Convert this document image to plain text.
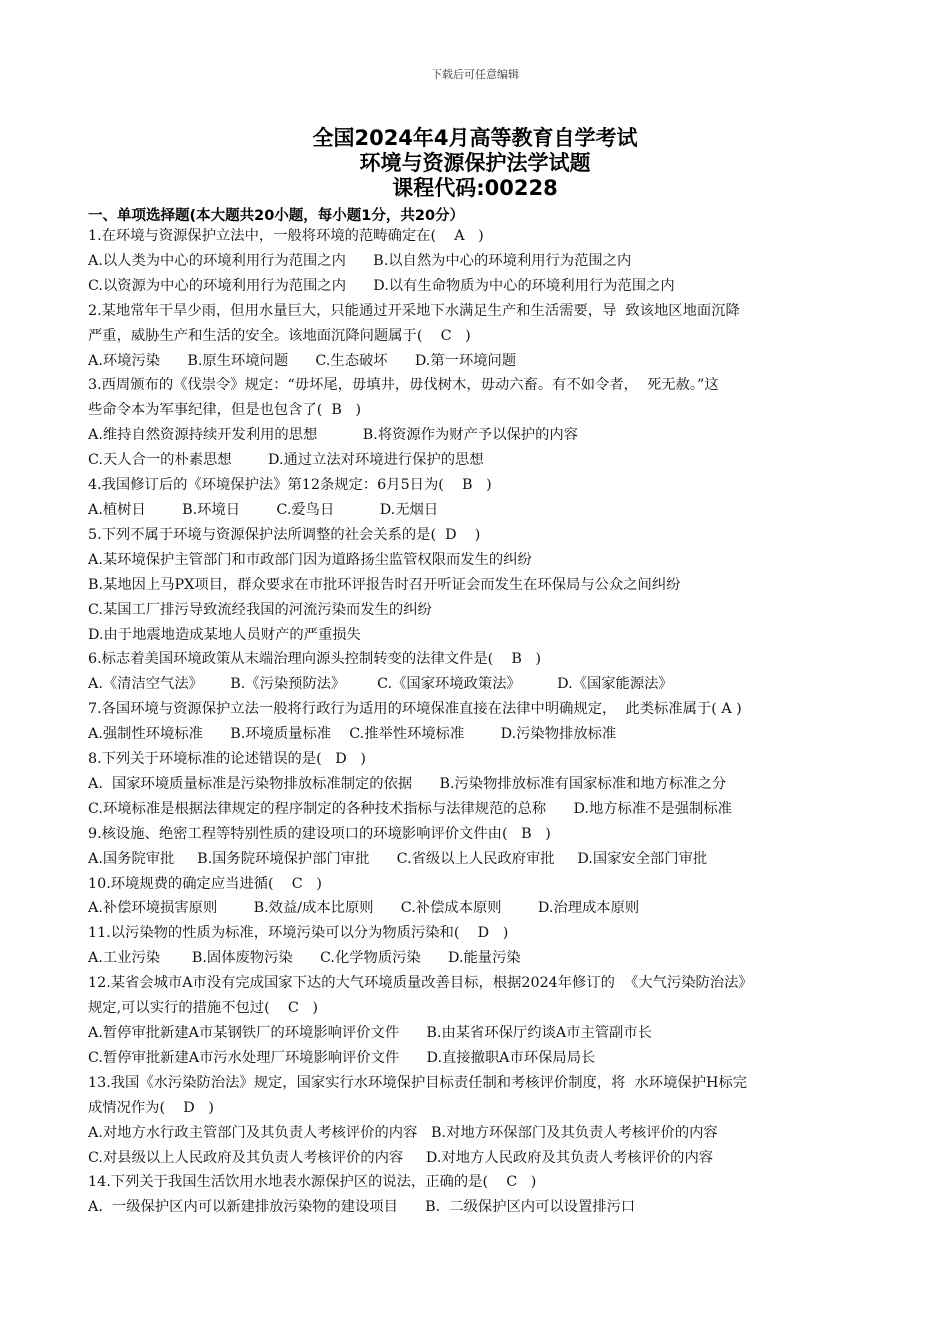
下载后可任意编辑
全国2024年4月高等教育自学考试
环境与资源保护法学试题
课程代码:00228
一、单项选择题(本大题共20小题，每小题1分，共20分）
1.在环境与资源保护立法中，一般将环境的范畴确定在(    A   )
A.以人类为中心的环境利用行为范围之内      B.以自然为中心的环境利用行为范围之内
C.以资源为中心的环境利用行为范围之内      D.以有生命物质为中心的环境利用行为范围之内
2.某地常年干旱少雨，但用水量巨大，只能通过开采地下水满足生产和生活需要，导  致该地区地面沉降
严重，威胁生产和生活的安全。该地面沉降问题属于(    C   )
A.环境污染      B.原生环境问题      C.生态破坏      D.第一环境问题
3.西周颁布的《伐崇令》规定：“毋坏尾，毋填井，毋伐树木，毋动六畜。有不如令者，  死无赦。”这
些命令本为军事纪律，但是也包含了(  B   )
A.维持自然资源持续开发利用的思想          B.将资源作为财产予以保护的内容
C.天人合一的朴素思想        D.通过立法对环境进行保护的思想
4.我国修订后的《环境保护法》第12条规定：6月5日为(    B   )
A.植树日        B.环境日        C.爱鸟日          D.无烟日
5.下列不属于环境与资源保护法所调整的社会关系的是(  D    )
A.某环境保护主管部门和市政部门因为道路扬尘监管权限而发生的纠纷
B.某地因上马PX项目，群众要求在市批环评报告时召开听证会而发生在环保局与公众之间纠纷
C.某国工厂排污导致流经我国的河流污染而发生的纠纷
D.由于地震地造成某地人员财产的严重损失
6.标志着美国环境政策从末端治理向源头控制转变的法律文件是(    B   )
A.《清洁空气法》      B.《污染预防法》       C.《国家环境政策法》        D.《国家能源法》
7.各国环境与资源保护立法一般将行政行为适用的环境保准直接在法律中明确规定，  此类标准属于( A )
A.强制性环境标准      B.环境质量标准    C.推举性环境标准        D.污染物排放标准
8.下列关于环境标准的论述错误的是(   D   )
A.  国家环境质量标准是污染物排放标准制定的依据      B.污染物排放标准有国家标准和地方标准之分
C.环境标准是根据法律规定的程序制定的各种技术指标与法律规范的总称      D.地方标准不是强制标准
9.核设施、绝密工程等特别性质的建设项口的环境影响评价文件由(   B   )
A.国务院审批     B.国务院环境保护部门审批      C.省级以上人民政府审批     D.国家安全部门审批
10.环境规费的确定应当进循(    C   )
A.补偿环境损害原则        B.效益/成本比原则      C.补偿成本原则        D.治理成本原则
11.以污染物的性质为标准，环境污染可以分为物质污染和(    D   )
A.工业污染       B.固体废物污染      C.化学物质污染      D.能量污染
12.某省会城市A市没有完成国家下达的大气环境质量改善目标，根据2024年修订的  《大气污染防治法》
规定,可以实行的措施不包过(    C   )
A.暂停审批新建A市某钢铁厂的环境影响评价文件      B.由某省环保厅约谈A市主管副市长
C.暂停审批新建A市污水处理厂环境影响评价文件      D.直接撤职A市环保局局长
13.我国《水污染防治法》规定，国家实行水环境保护目标责任制和考核评价制度，将  水环境保护H标完
成情况作为(    D   )
A.对地方水行政主管部门及其负责人考核评价的内容   B.对地方环保部门及其负责人考核评价的内容
C.对县级以上人民政府及其负责人考核评价的内容     D.对地方人民政府及其负责人考核评价的内容
14.下列关于我国生活饮用水地表水源保护区的说法，正确的是(    C   )
A.  一级保护区内可以新建排放污染物的建设项目      B.  二级保护区内可以设置排污口
